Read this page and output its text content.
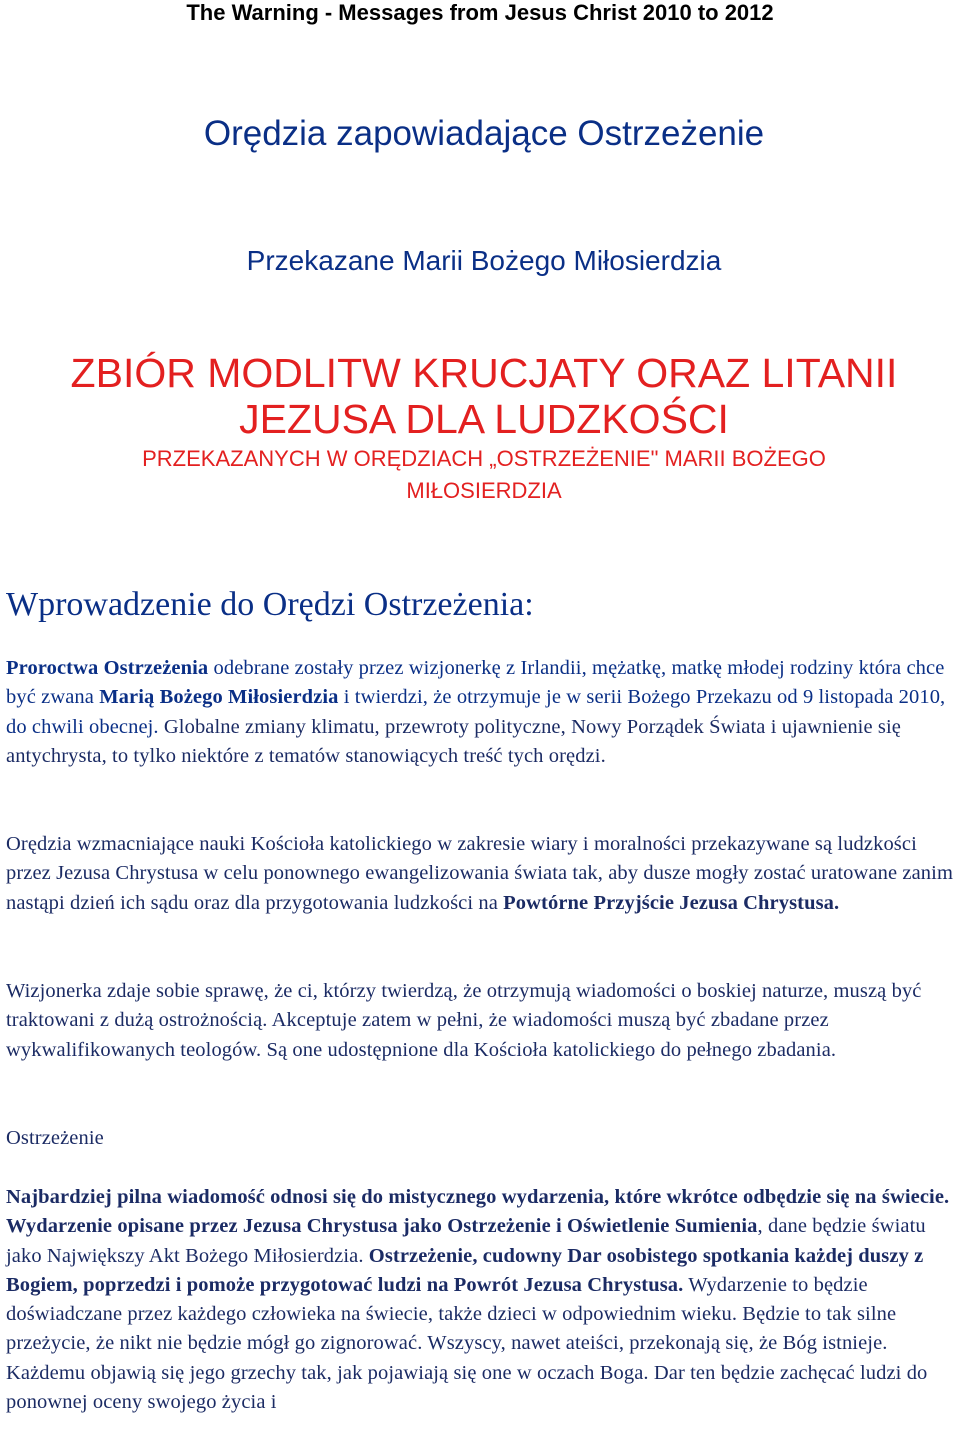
The Warning - Messages from Jesus Christ 2010 to 2012
Orędzia zapowiadające Ostrzeżenie
Przekazane Marii Bożego Miłosierdzia
ZBIÓR MODLITW KRUCJATY ORAZ LITANII
JEZUSA DLA LUDZKOŚCI
PRZEKAZANYCH W ORĘDZIACH „OSTRZEŻENIE" MARII BOŻEGO
MIŁOSIERDZIA
Wprowadzenie do Orędzi Ostrzeżenia:
Proroctwa Ostrzeżenia odebrane zostały przez wizjonerkę z Irlandii, mężatkę, matkę młodej rodziny która chce być zwana Marią Bożego Miłosierdzia i twierdzi, że otrzymuje je w serii Bożego Przekazu od 9 listopada 2010, do chwili obecnej. Globalne zmiany klimatu, przewroty polityczne, Nowy Porządek Świata i ujawnienie się antychrysta, to tylko niektóre z tematów stanowiących treść tych orędzi.
Orędzia wzmacniające nauki Kościoła katolickiego w zakresie wiary i moralności przekazywane są ludzkości przez Jezusa Chrystusa w celu ponownego ewangelizowania świata tak, aby dusze mogły zostać uratowane zanim nastąpi dzień ich sądu oraz dla przygotowania ludzkości na Powtórne Przyjście Jezusa Chrystusa.
Wizjonerka zdaje sobie sprawę, że ci, którzy twierdzą, że otrzymują wiadomości o boskiej naturze, muszą być traktowani z dużą ostrożnością. Akceptuje zatem w pełni, że wiadomości muszą być zbadane przez wykwalifikowanych teologów. Są one udostępnione dla Kościoła katolickiego do pełnego zbadania.
Ostrzeżenie
Najbardziej pilna wiadomość odnosi się do mistycznego wydarzenia, które wkrótce odbędzie się na świecie. Wydarzenie opisane przez Jezusa Chrystusa jako Ostrzeżenie i Oświetlenie Sumienia, dane będzie światu jako Największy Akt Bożego Miłosierdzia. Ostrzeżenie, cudowny Dar osobistego spotkania każdej duszy z Bogiem, poprzedzi i pomoże przygotować ludzi na Powrót Jezusa Chrystusa. Wydarzenie to będzie doświadczane przez każdego człowieka na świecie, także dzieci w odpowiednim wieku. Będzie to tak silne przeżycie, że nikt nie będzie mógł go zignorować. Wszyscy, nawet ateiści, przekonają się, że Bóg istnieje. Każdemu objawią się jego grzechy tak, jak pojawiają się one w oczach Boga. Dar ten będzie zachęcać ludzi do ponownej oceny swojego życia i
